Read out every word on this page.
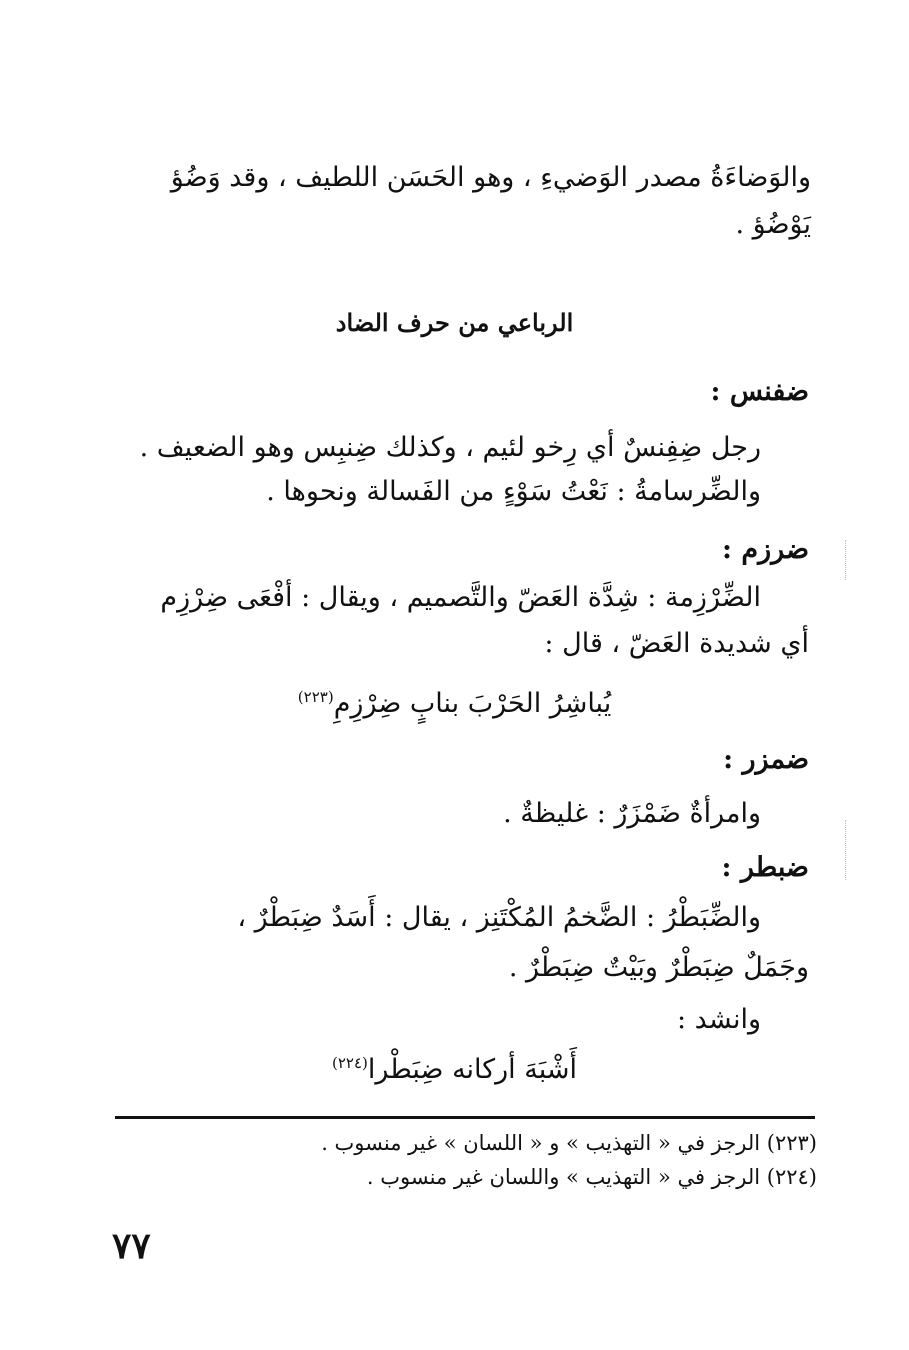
والوَضاءَةُ مصدر الوَضيءِ ، وهو الحَسَن اللطيف ، وقد وَضُؤ
يَوْضُؤ .
الرباعي من حرف الضاد
ضفنس :
رجل ضِفِنسٌ أي رِخو لئيم ، وكذلك ضِنبِس وهو الضعيف .
والضِّرسامةُ : نَعْتُ سَوْءٍ من الفَسالة ونحوها .
ضرزم :
الضِّرْزِمة : شِدَّة العَضّ والتَّصميم ، ويقال : أفْعَى ضِرْزِم
أي شديدة العَضّ ، قال :
يُباشِرُ الحَرْبَ بنابٍ ضِرْزِمِ$^{(٢٢٣)}$
ضمزر :
وامرأةٌ ضَمْزَرٌ : غليظةٌ .
ضبطر :
والضِّبَطْرُ : الضَّخمُ المُكْتَنِز ، يقال : أَسَدٌ ضِبَطْرٌ ،
وجَمَلٌ ضِبَطْرٌ وبَيْتٌ ضِبَطْرٌ .
وانشد :
أَشْبَهَ أركانه ضِبَطْرا$^{(٢٢٤)}$
(٢٢٣) الرجز في « التهذيب » و « اللسان » غير منسوب .
(٢٢٤) الرجز في « التهذيب » واللسان غير منسوب .
٧٧
